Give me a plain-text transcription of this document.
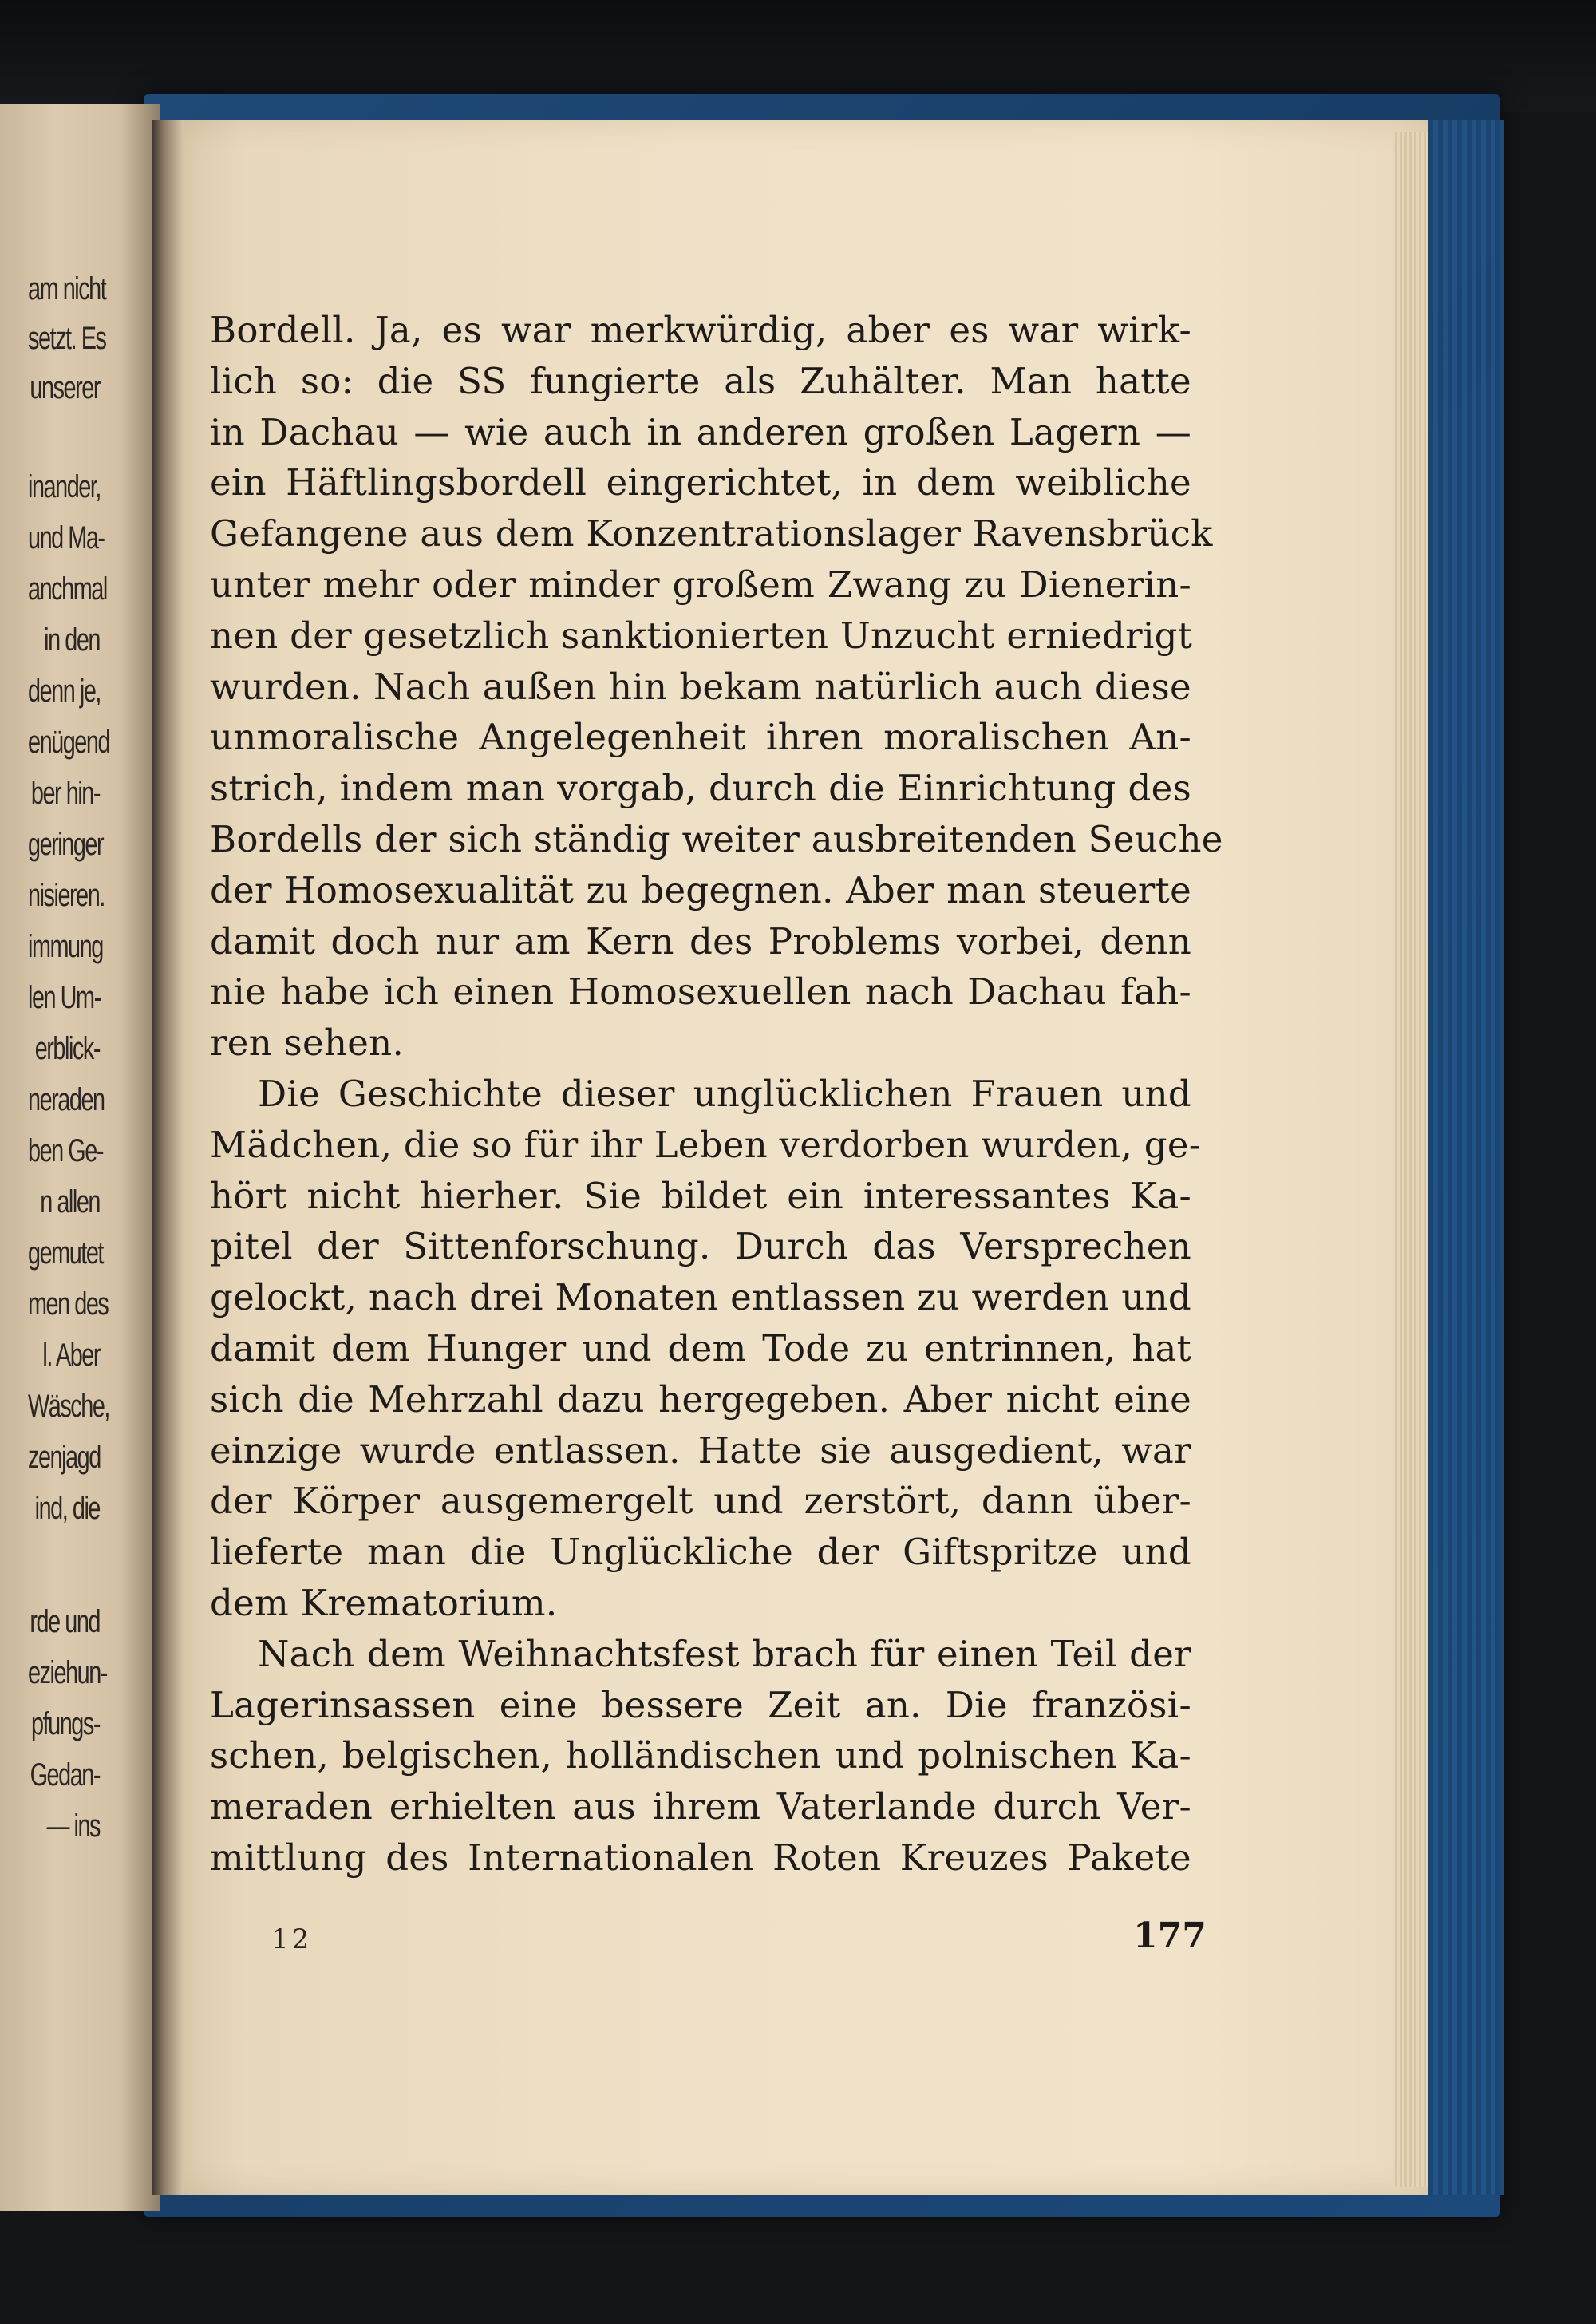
am nicht
setzt. Es
unserer
inander,
und Ma-
anchmal
in den
denn je,
enügend
ber hin-
geringer
nisieren.
immung
len Um-
erblick-
neraden
ben Ge-
n allen
gemutet
men des
l. Aber
Wäsche,
zenjagd
ind, die
rde und
eziehun-
pfungs-
Gedan-
— ins
Bordell. Ja, es war merkwürdig, aber es war wirk-
lich so: die SS fungierte als Zuhälter. Man hatte
in Dachau — wie auch in anderen großen Lagern —
ein Häftlingsbordell eingerichtet, in dem weibliche
Gefangene aus dem Konzentrationslager Ravensbrück
unter mehr oder minder großem Zwang zu Dienerin-
nen der gesetzlich sanktionierten Unzucht erniedrigt
wurden. Nach außen hin bekam natürlich auch diese
unmoralische Angelegenheit ihren moralischen An-
strich, indem man vorgab, durch die Einrichtung des
Bordells der sich ständig weiter ausbreitenden Seuche
der Homosexualität zu begegnen. Aber man steuerte
damit doch nur am Kern des Problems vorbei, denn
nie habe ich einen Homosexuellen nach Dachau fah-
ren sehen.
Die Geschichte dieser unglücklichen Frauen und
Mädchen, die so für ihr Leben verdorben wurden, ge-
hört nicht hierher. Sie bildet ein interessantes Ka-
pitel der Sittenforschung. Durch das Versprechen
gelockt, nach drei Monaten entlassen zu werden und
damit dem Hunger und dem Tode zu entrinnen, hat
sich die Mehrzahl dazu hergegeben. Aber nicht eine
einzige wurde entlassen. Hatte sie ausgedient, war
der Körper ausgemergelt und zerstört, dann über-
lieferte man die Unglückliche der Giftspritze und
dem Krematorium.
Nach dem Weihnachtsfest brach für einen Teil der
Lagerinsassen eine bessere Zeit an. Die französi-
schen, belgischen, holländischen und polnischen Ka-
meraden erhielten aus ihrem Vaterlande durch Ver-
mittlung des Internationalen Roten Kreuzes Pakete
12	177
